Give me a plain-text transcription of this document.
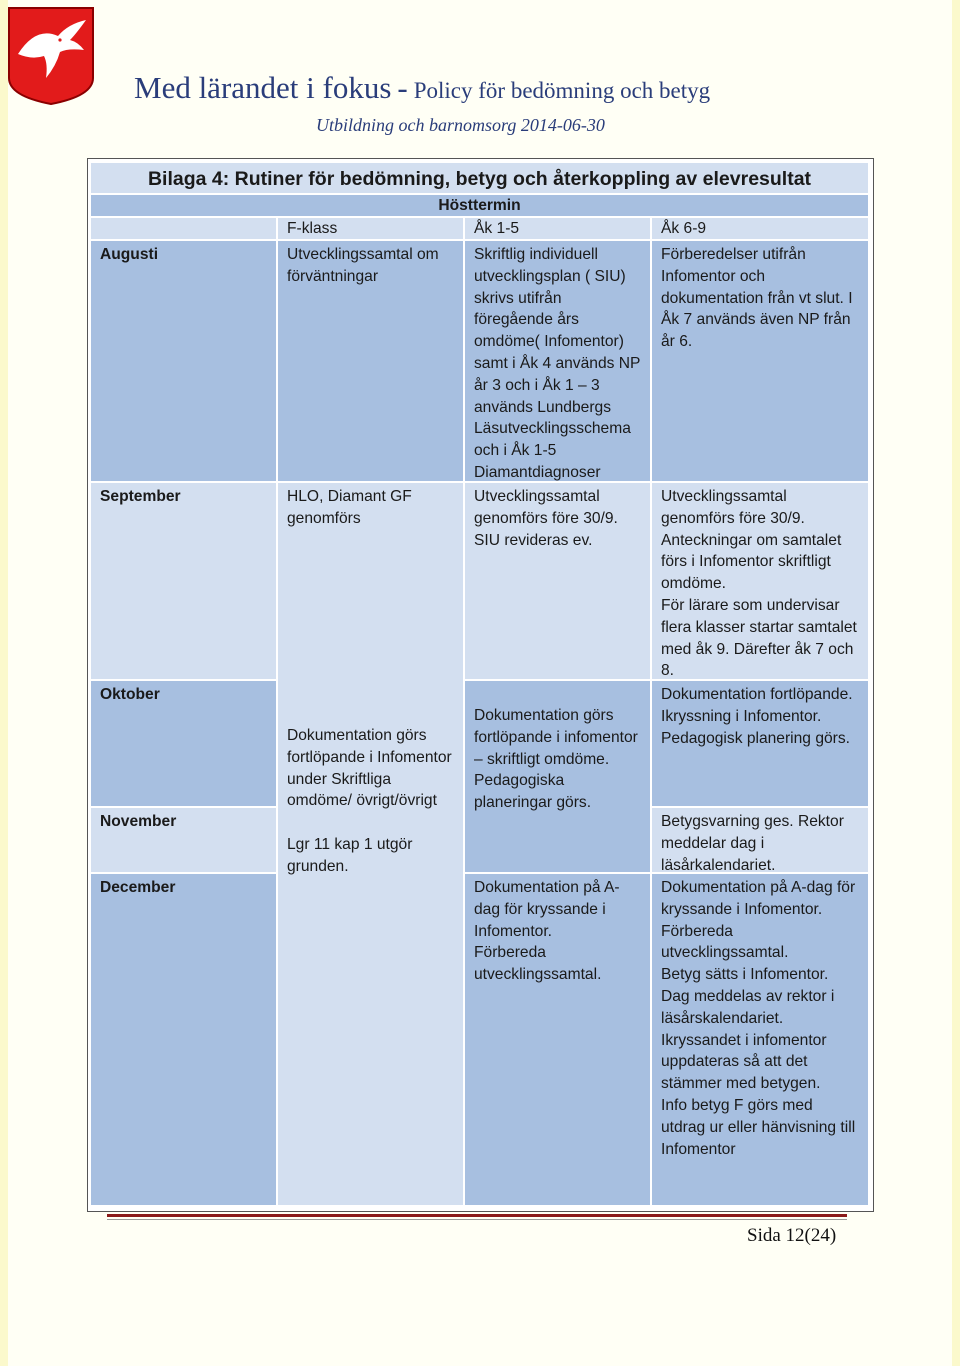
Med lärandet i fokus - Policy för bedömning och betyg
Utbildning och barnomsorg 2014-06-30
Bilaga 4: Rutiner för bedömning, betyg och återkoppling av elevresultat
Hösttermin
F-klass	Åk 1-5	Åk 6-9
Augusti
September
Oktober
November
December
Utvecklingssamtal om förväntningar
HLO, Diamant GF genomförs
Dokumentation görs fortlöpande i Infomentor under Skriftliga omdöme/ övrigt/övrigt

Lgr 11 kap 1 utgör grunden.
Skriftlig individuell utvecklingsplan ( SIU) skrivs utifrån föregående års omdöme( Infomentor) samt i Åk 4 används NP år 3 och i Åk 1 – 3 används Lundbergs Läsutvecklingsschema och i Åk 1-5 Diamantdiagnoser
Utvecklingssamtal genomförs före 30/9. SIU revideras ev.
Dokumentation görs fortlöpande i infomentor – skriftligt omdöme. Pedagogiska planeringar görs.
Dokumentation på A-dag för kryssande i Infomentor.
Förbereda utvecklingssamtal.
Förberedelser utifrån Infomentor och dokumentation från vt slut. I Åk 7 används även NP från år 6.
Utvecklingssamtal genomförs före 30/9. Anteckningar om samtalet förs i Infomentor skriftligt omdöme.
För lärare som undervisar flera klasser startar samtalet med åk 9. Därefter åk 7 och 8.
Dokumentation fortlöpande. Ikryssning i Infomentor.
Pedagogisk planering görs.
Betygsvarning ges. Rektor meddelar dag i läsårkalendariet.
Dokumentation på A-dag för kryssande i Infomentor.
Förbereda utvecklingssamtal.
Betyg sätts i Infomentor.
Dag meddelas av rektor i läsårskalendariet.
Ikryssandet i infomentor uppdateras så att det stämmer med betygen.
Info betyg F görs med utdrag ur eller hänvisning till Infomentor
Sida 12(24)
